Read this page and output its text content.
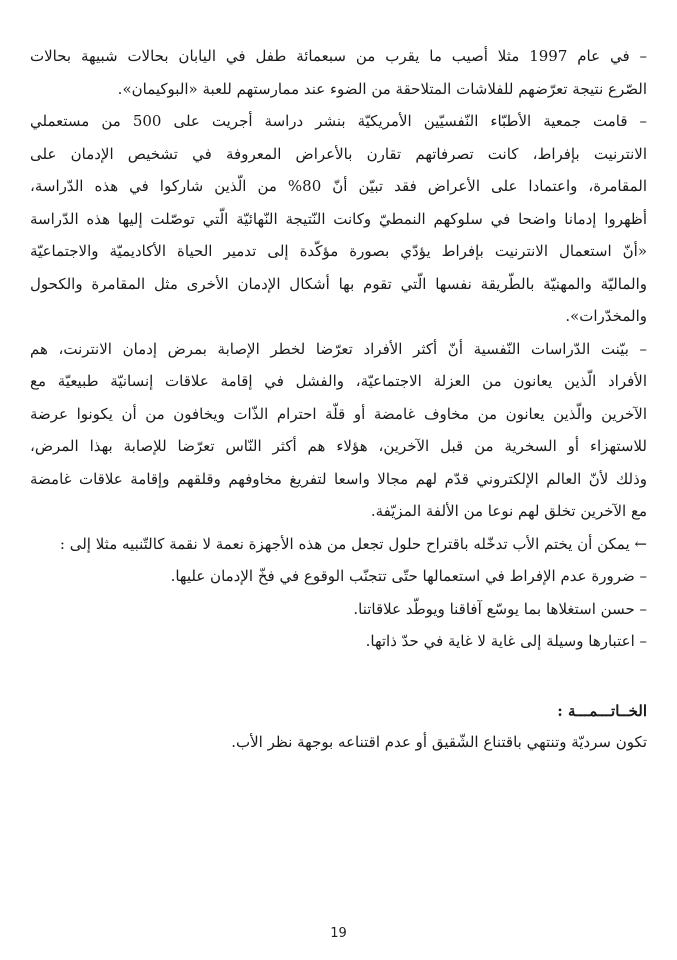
– في عام 1997 مثلا أصيب ما يقرب من سبعمائة طفل في اليابان بحالات شبيهة بحالات
الصّرع نتيجة تعرّضهم للفلاشات المتلاحقة من الضوء عند ممارستهم للعبة «البوكيمان».
– قامت جمعية الأطبّاء النّفسيّين الأمريكيّة بنشر دراسة أجريت على 500 من مستعملي
الانترنيت بإفراط، كانت تصرفاتهم تقارن بالأعراض المعروفة في تشخيص الإدمان على
المقامرة، واعتمادا على الأعراض فقد تبيّن أنّ 80% من الّذين شاركوا في هذه الدّراسة،
أظهروا إدمانا واضحا في سلوكهم النمطيّ وكانت النّتيجة النّهائيّة الّتي توصّلت إليها هذه الدّراسة
«أنّ استعمال الانترنيت بإفراط يؤدّي بصورة مؤكّدة إلى تدمير الحياة الأكاديميّة والاجتماعيّة
والماليّة والمهنيّة بالطّريقة نفسها الّتي تقوم بها أشكال الإدمان الأخرى مثل المقامرة والكحول
والمخدّرات».
– بيّنت الدّراسات النّفسية أنّ أكثر الأفراد تعرّضا لخطر الإصابة بمرض إدمان الانترنت، هم
الأفراد الّذين يعانون من العزلة الاجتماعيّة، والفشل في إقامة علاقات إنسانيّة طبيعيّة مع
الآخرين والّذين يعانون من مخاوف غامضة أو قلّة احترام الذّات ويخافون من أن يكونوا عرضة
للاستهزاء أو السخرية من قبل الآخرين، هؤلاء هم أكثر النّاس تعرّضا للإصابة بهذا المرض،
وذلك لأنّ العالم الإلكتروني قدّم لهم مجالا واسعا لتفريغ مخاوفهم وقلقهم وإقامة علاقات غامضة
مع الآخرين تخلق لهم نوعا من الألفة المزيّفة.
← يمكن أن يختم الأب تدخّله باقتراح حلول تجعل من هذه الأجهزة نعمة لا نقمة كالتّنبيه مثلا إلى :
– ضرورة عدم الإفراط في استعمالها حتّى تتجنّب الوقوع في فخّ الإدمان عليها.
– حسن استغلاها بما يوسّع آفاقنا ويوطّد علاقاتنا.
– اعتبارها وسيلة إلى غاية لا غاية في حدّ ذاتها.
الخــاتـــمـــة :
تكون سرديّة وتنتهي باقتناع الشّقيق أو عدم اقتناعه بوجهة نظر الأب.
19
